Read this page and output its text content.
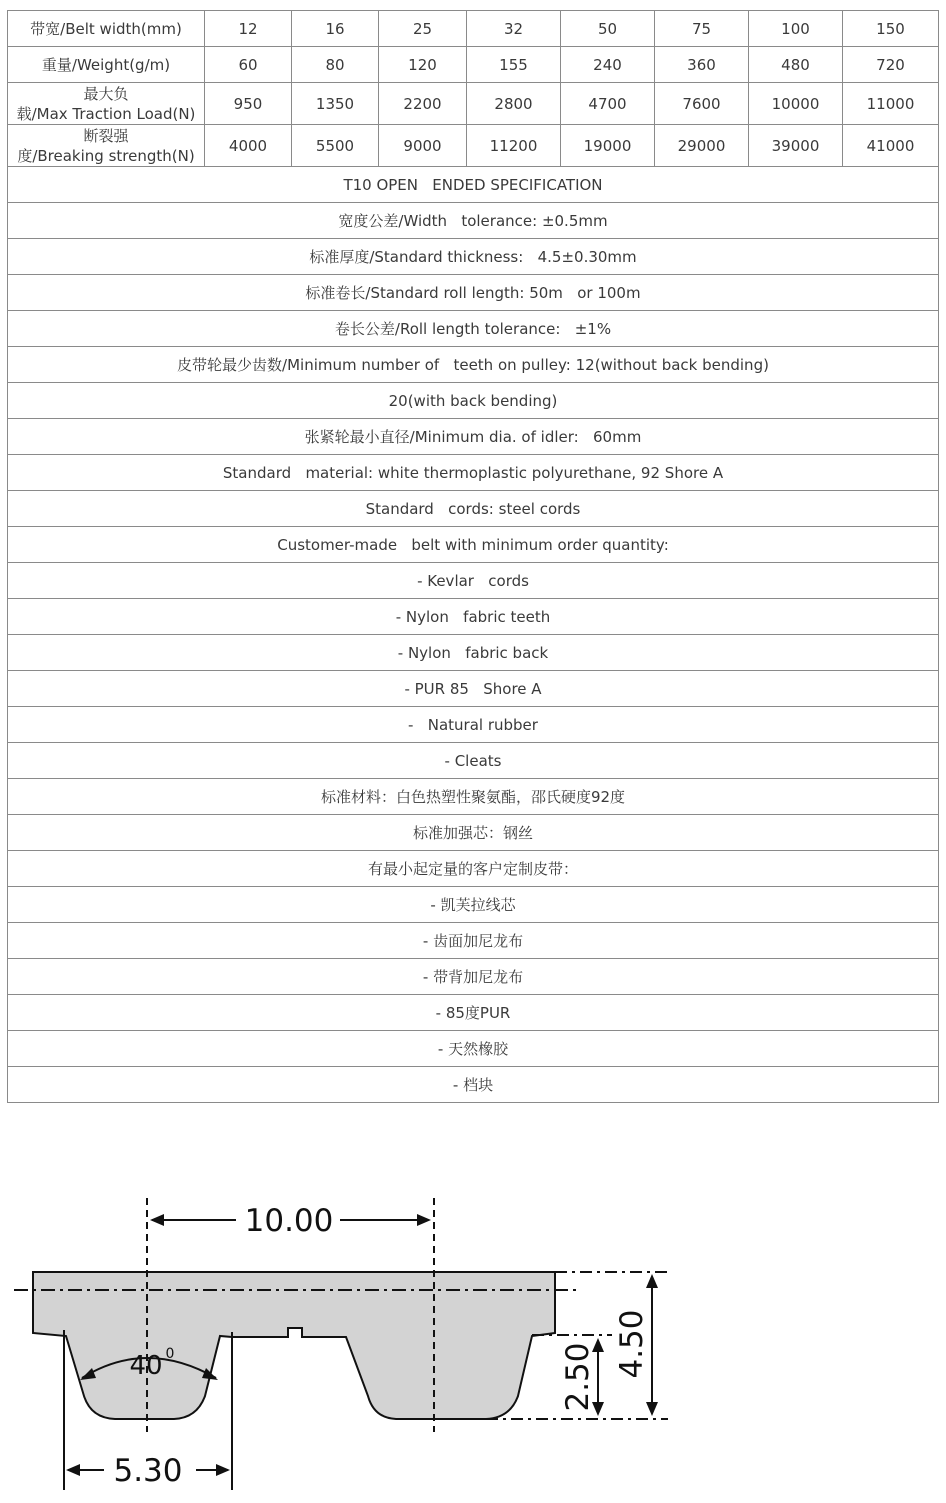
带宽/Belt width(mm)	12	16	25	32	50	75	100	150
重量/Weight(g/m)	60	80	120	155	240	360	480	720

最大负
载/Max Traction Load(N)	950	1350	2200	2800	4700	7600	10000	11000

断裂强
度/Breaking strength(N)	4000	5500	9000	11200	19000	29000	39000	41000
T10 OPEN   ENDED SPECIFICATION								
宽度公差/Width   tolerance: ±0.5mm								
标准厚度/Standard thickness:   4.5±0.30mm								
标准卷长/Standard roll length: 50m   or 100m								
卷长公差/Roll length tolerance:   ±1%								
皮带轮最少齿数/Minimum number of   teeth on pulley: 12(without back bending)								
20(with back bending)								
张紧轮最小直径/Minimum dia. of idler:   60mm								
Standard   material: white thermoplastic polyurethane, 92 Shore A								
Standard   cords: steel cords								
Customer-made   belt with minimum order quantity:								
- Kevlar   cords								
- Nylon   fabric teeth								
- Nylon   fabric back								
- PUR 85   Shore A								
-   Natural rubber								
- Cleats								
标准材料：白色热塑性聚氨酯，邵氏硬度92度								
标准加强芯：钢丝								
有最小起定量的客户定制皮带：								
- 凯芙拉线芯								
- 齿面加尼龙布								
- 带背加尼龙布								
- 85度PUR								
- 天然橡胶								
- 档块								
10.00
5.30
40 0	2.50 4.50
